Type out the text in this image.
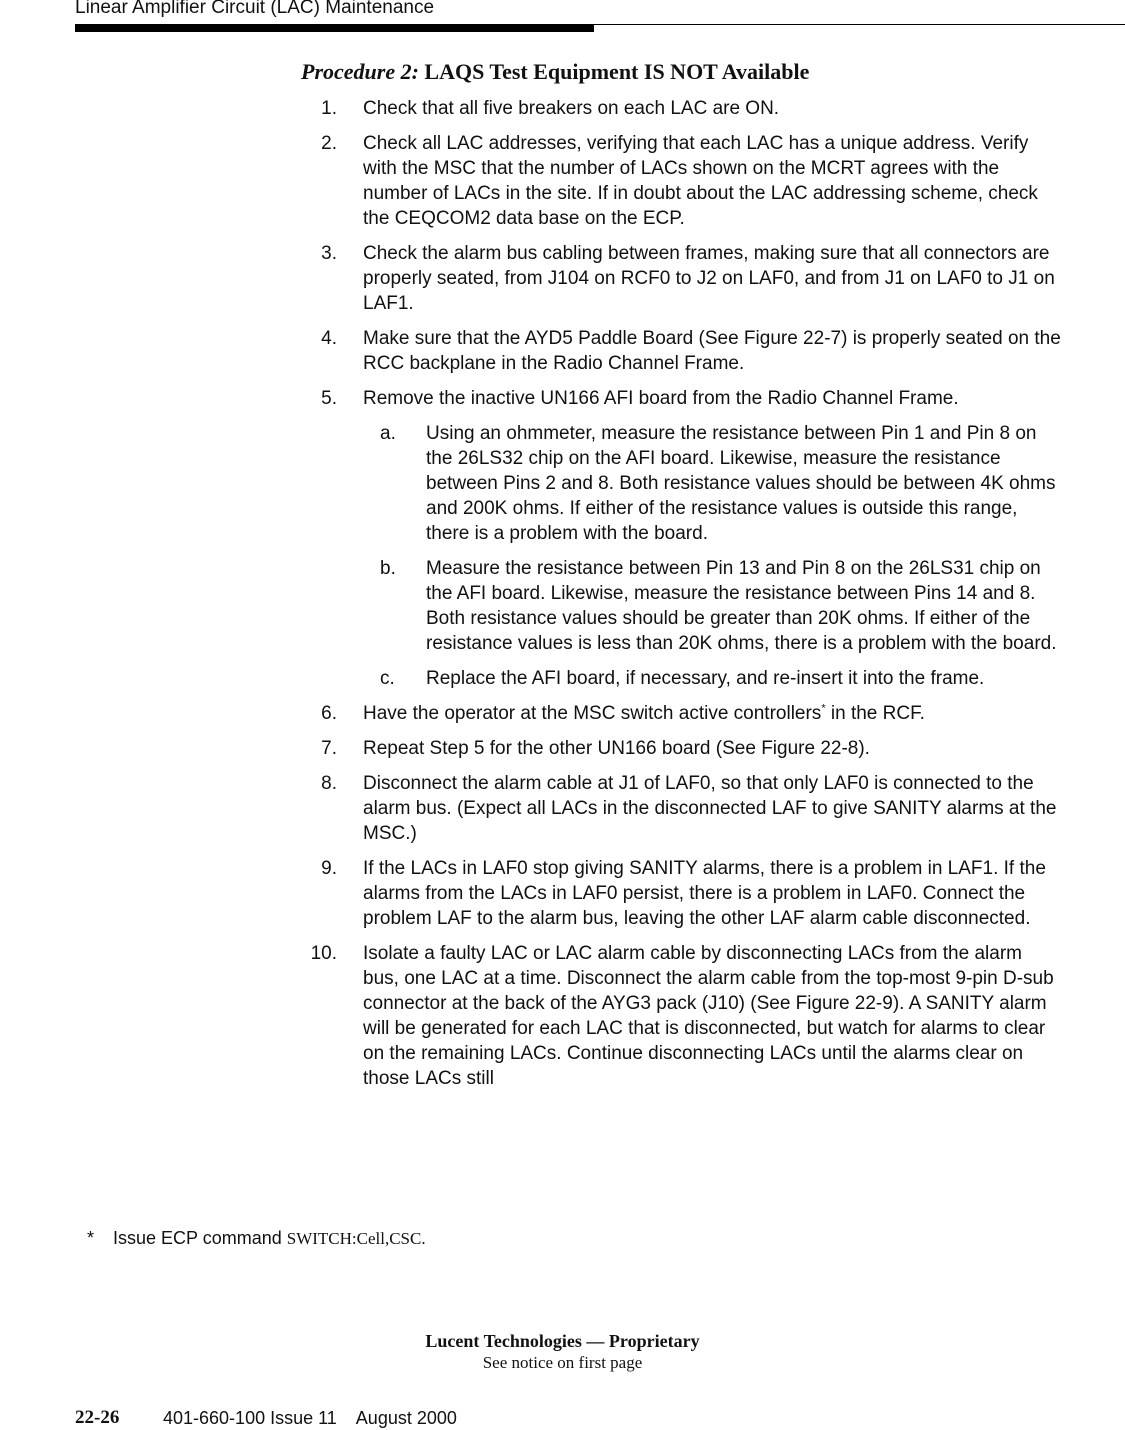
Linear Amplifier Circuit (LAC) Maintenance
Procedure 2: LAQS Test Equipment IS NOT Available
1. Check that all five breakers on each LAC are ON.
2. Check all LAC addresses, verifying that each LAC has a unique address. Verify with the MSC that the number of LACs shown on the MCRT agrees with the number of LACs in the site. If in doubt about the LAC addressing scheme, check the CEQCOM2 data base on the ECP.
3. Check the alarm bus cabling between frames, making sure that all connectors are properly seated, from J104 on RCF0 to J2 on LAF0, and from J1 on LAF0 to J1 on LAF1.
4. Make sure that the AYD5 Paddle Board (See Figure 22-7) is properly seated on the RCC backplane in the Radio Channel Frame.
5. Remove the inactive UN166 AFI board from the Radio Channel Frame.
a.	Using an ohmmeter, measure the resistance between Pin 1 and Pin 8 on the 26LS32 chip on the AFI board. Likewise, measure the resistance between Pins 2 and 8. Both resistance values should be between 4K ohms and 200K ohms. If either of the resistance values is outside this range, there is a problem with the board.
b.	Measure the resistance between Pin 13 and Pin 8 on the 26LS31 chip on the AFI board. Likewise, measure the resistance between Pins 14 and 8. Both resistance values should be greater than 20K ohms. If either of the resistance values is less than 20K ohms, there is a problem with the board.
c.	Replace the AFI board, if necessary, and re-insert it into the frame.
6. Have the operator at the MSC switch active controllers* in the RCF.
7. Repeat Step 5 for the other UN166 board (See Figure 22-8).
8. Disconnect the alarm cable at J1 of LAF0, so that only LAF0 is connected to the alarm bus. (Expect all LACs in the disconnected LAF to give SANITY alarms at the MSC.)
9. If the LACs in LAF0 stop giving SANITY alarms, there is a problem in LAF1. If the alarms from the LACs in LAF0 persist, there is a problem in LAF0. Connect the problem LAF to the alarm bus, leaving the other LAF alarm cable disconnected.
10. Isolate a faulty LAC or LAC alarm cable by disconnecting LACs from the alarm bus, one LAC at a time. Disconnect the alarm cable from the top-most 9-pin D-sub connector at the back of the AYG3 pack (J10) (See Figure 22-9). A SANITY alarm will be generated for each LAC that is disconnected, but watch for alarms to clear on the remaining LACs. Continue disconnecting LACs until the alarms clear on those LACs still
* Issue ECP command SWITCH:Cell,CSC.
Lucent Technologies — Proprietary
See notice on first page
22-26 401-660-100 Issue 11    August 2000
